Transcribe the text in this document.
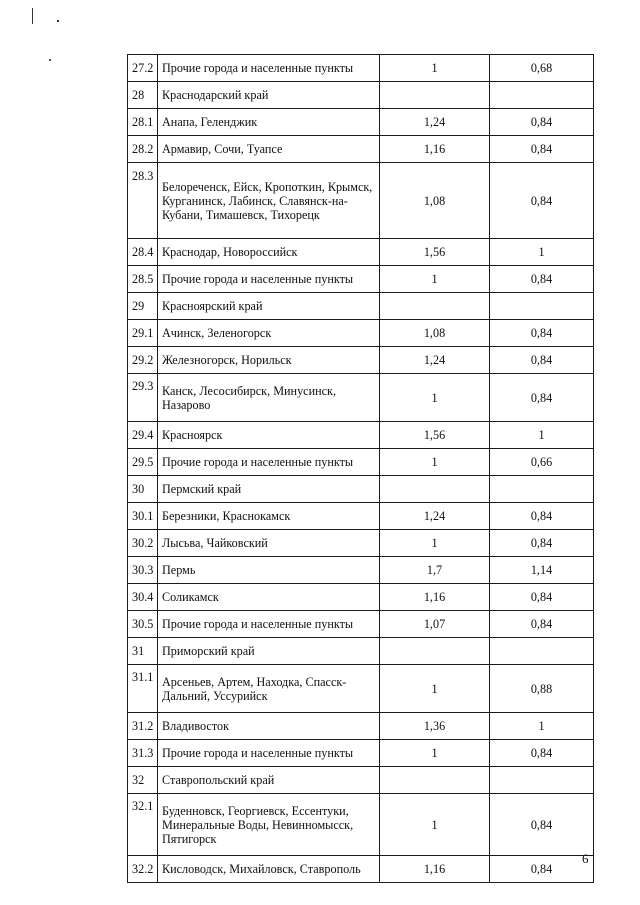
27.2	Прочие города и населенные пункты	1	0,68
28	Краснодарский край		
28.1	Анапа, Геленджик	1,24	0,84
28.2	Армавир, Сочи, Туапсе	1,16	0,84
28.3	Белореченск, Ейск, Кропоткин, Крымск, Курганинск, Лабинск, Славянск-на-Кубани, Тимашевск, Тихорецк	1,08	0,84
28.4	Краснодар, Новороссийск	1,56	1
28.5	Прочие города и населенные пункты	1	0,84
29	Красноярский край		
29.1	Ачинск, Зеленогорск	1,08	0,84
29.2	Железногорск, Норильск	1,24	0,84
29.3	Канск, Лесосибирск, Минусинск, Назарово	1	0,84
29.4	Красноярск	1,56	1
29.5	Прочие города и населенные пункты	1	0,66
30	Пермский край		
30.1	Березники, Краснокамск	1,24	0,84
30.2	Лысьва, Чайковский	1	0,84
30.3	Пермь	1,7	1,14
30.4	Соликамск	1,16	0,84
30.5	Прочие города и населенные пункты	1,07	0,84
31	Приморский край		
31.1	Арсеньев, Артем, Находка, Спасск-Дальний, Уссурийск	1	0,88
31.2	Владивосток	1,36	1
31.3	Прочие города и населенные пункты	1	0,84
32	Ставропольский край		
32.1	Буденновск, Георгиевск, Ессентуки, Минеральные Воды, Невинномысск, Пятигорск	1	0,84
32.2	Кисловодск, Михайловск, Ставрополь	1,16	0,84
6
